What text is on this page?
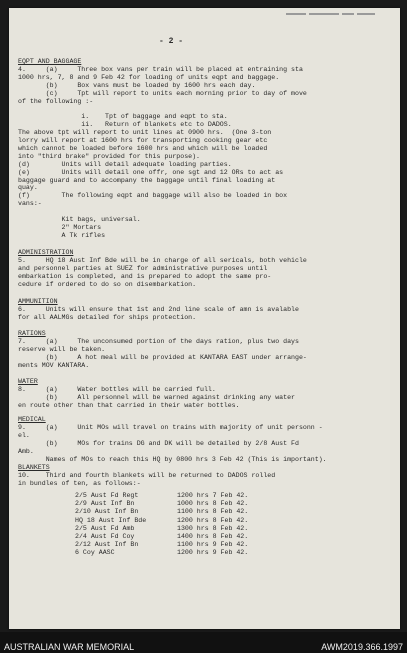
- 2 -
EQPT AND BAGGAGE
4.     (a)     Three box vans per train will be placed at entraining sta
1000 hrs, 7, 8 and 9 Feb 42 for loading of units eqpt and baggage.
(b)     Box vans must be loaded by 1600 hrs each day.
(c)     Tpt will report to units each morning prior to day of move
of the following :-
i.    Tpt of baggage and eqpt to sta.
ii.   Return of blankets etc to DADOS.
The above tpt will report to unit lines at 0900 hrs.  (One 3-ton
lorry will report at 1600 hrs for transporting cooking gear etc
which cannot be loaded before 1600 hrs and which will be loaded
into "third brake" provided for this purpose).
(d)        Units will detail adequate loading parties.
(e)        Units will detail one offr, one sgt and 12 ORs to act as
baggage guard and to accompany the baggage until final loading at
quay.
(f)        The following eqpt and baggage will also be loaded in box
vans:-
Kit bags, universal.
2" Mortars
A Tk rifles
ADMINISTRATION
5.     HQ 18 Aust Inf Bde will be in charge of all sericals, both vehicle
and personnel parties at SUEZ for administrative purposes until
embarkation is completed, and is prepared to adopt the same pro-
cedure if ordered to do so on disembarkation.
AMMUNITION
6.     Units will ensure that 1st and 2nd line scale of amn is avalable
for all AALMGs detailed for ships protection.
RATIONS
7.     (a)     The unconsumed portion of the days ration, plus two days
reserve will be taken.
(b)     A hot meal will be provided at KANTARA EAST under arrange-
ments MOV KANTARA.
WATER
8.     (a)     Water bottles will be carried full.
(b)     All personnel will be warned against drinking any water
en route other than that carried in their water bottles.
MEDICAL
9.     (a)     Unit MOs will travel on trains with majority of unit personn -
el.
(b)     MOs for trains DG and DK will be detailed by 2/8 Aust Fd
Amb.
Names of MOs to reach this HQ by 0800 hrs 3 Feb 42 (This is important).
BLANKETS
10.    Third and fourth blankets will be returned to DADOS rolled
in bundles of ten, as follows:-
2/5 Aust Fd Regt	1200 hrs 7 Feb 42.
2/9 Aust Inf Bn	1000 hrs 8 Feb 42.
2/10 Aust Inf Bn	1100 hrs 8 Feb 42.
HQ 18 Aust Inf Bde	1200 hrs 8 Feb 42.
2/5 Aust Fd Amb	1300 hrs 8 Feb 42.
2/4 Aust Fd Coy	1400 hrs 8 Feb 42.
2/12 Aust Inf Bn	1100 hrs 9 Feb 42.
6 Coy AASC	1200 hrs 9 Feb 42.
AUSTRALIAN WAR MEMORIAL	AWM2019.366.1997
